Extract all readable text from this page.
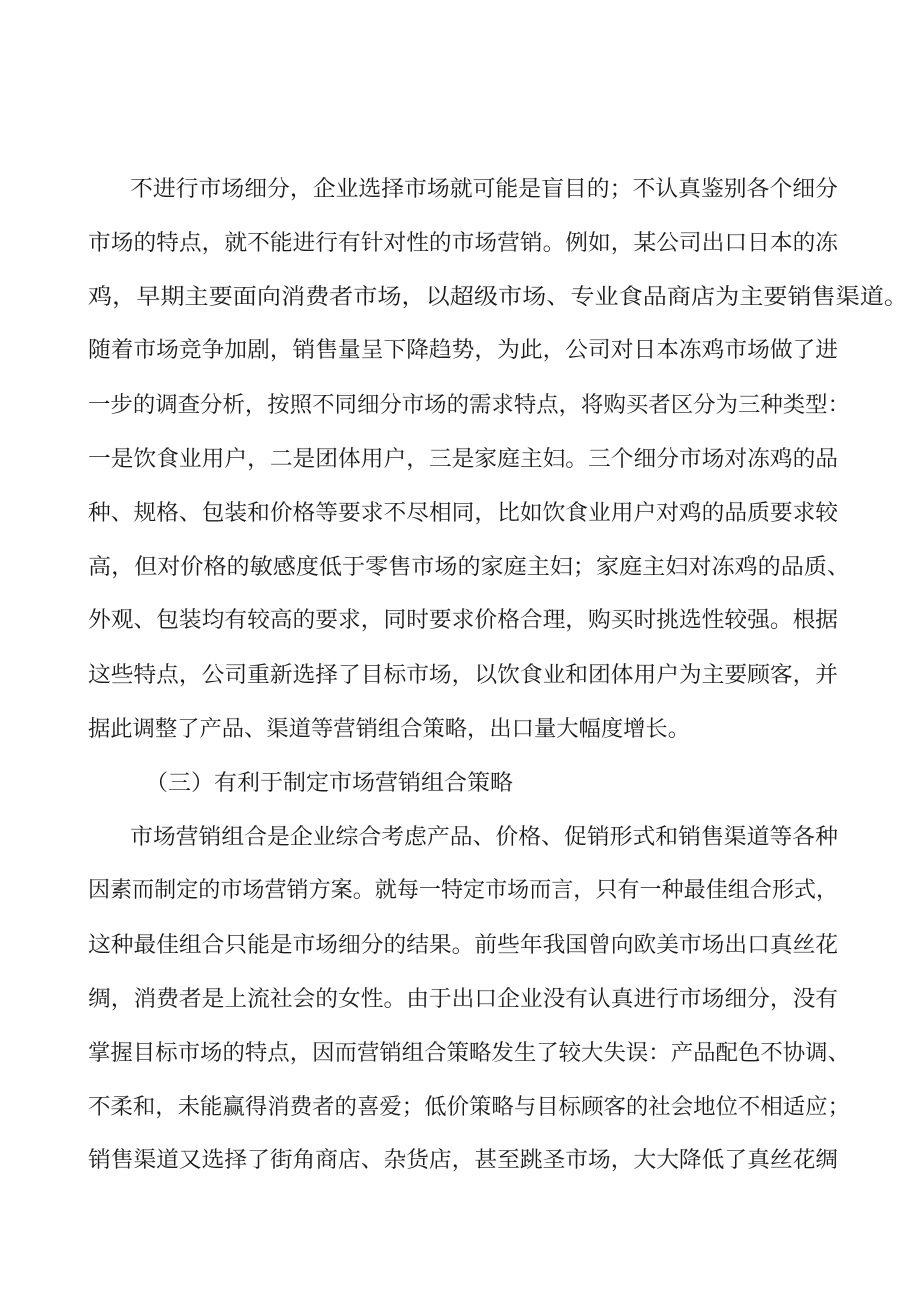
不进行市场细分，企业选择市场就可能是盲目的；不认真鉴别各个细分
市场的特点，就不能进行有针对性的市场营销。例如，某公司出口日本的冻
鸡，早期主要面向消费者市场，以超级市场、专业食品商店为主要销售渠道。
随着市场竞争加剧，销售量呈下降趋势，为此，公司对日本冻鸡市场做了进
一步的调查分析，按照不同细分市场的需求特点，将购买者区分为三种类型：
一是饮食业用户，二是团体用户，三是家庭主妇。三个细分市场对冻鸡的品
种、规格、包装和价格等要求不尽相同，比如饮食业用户对鸡的品质要求较
高，但对价格的敏感度低于零售市场的家庭主妇；家庭主妇对冻鸡的品质、
外观、包装均有较高的要求，同时要求价格合理，购买时挑选性较强。根据
这些特点，公司重新选择了目标市场，以饮食业和团体用户为主要顾客，并
据此调整了产品、渠道等营销组合策略，出口量大幅度增长。
（三）有利于制定市场营销组合策略
市场营销组合是企业综合考虑产品、价格、促销形式和销售渠道等各种
因素而制定的市场营销方案。就每一特定市场而言，只有一种最佳组合形式，
这种最佳组合只能是市场细分的结果。前些年我国曾向欧美市场出口真丝花
绸，消费者是上流社会的女性。由于出口企业没有认真进行市场细分，没有
掌握目标市场的特点，因而营销组合策略发生了较大失误：产品配色不协调、
不柔和，未能赢得消费者的喜爱；低价策略与目标顾客的社会地位不相适应；
销售渠道又选择了街角商店、杂货店，甚至跳圣市场，大大降低了真丝花绸
